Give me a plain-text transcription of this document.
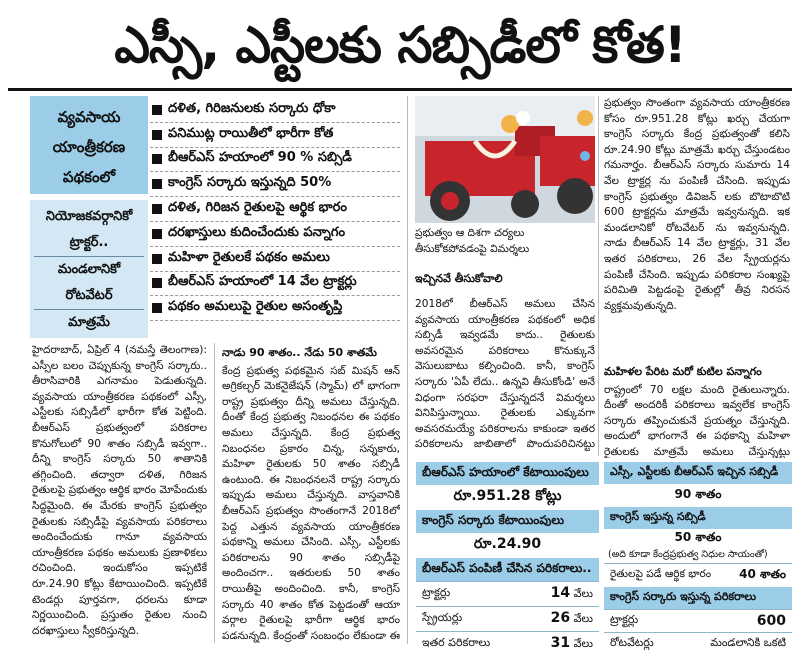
ఎస్సీ, ఎస్టీలకు సబ్సిడీలో కోత!
వ్యవసాయ
యాంత్రీకరణ
పథకంలో
నియోజకవర్గానికో ట్రాక్టర్..
మండలానికో రోటవేటర్
మాత్రమే
దళిత, గిరిజనులకు సర్కారు ధోకా
పనిముట్ల రాయితీలో భారీగా కోత
బీఆర్ఎస్ హయాంలో 90 % సబ్సిడీ
కాంగ్రెస్ సర్కారు ఇస్తున్నది 50%
దళిత, గిరిజన రైతులపై ఆర్థిక భారం
దరఖాస్తులు కుదించేందుకు పన్నాగం
మహిళా రైతులకే పథకం అమలు
బీఆర్ఎస్ హయాంలో 14 వేల ట్రాక్టర్లు
పథకం అమలుపై రైతుల అసంతృప్తి
ప్రభుత్వం ఆ దిశగా చర్యలు తీసుకోకపోవడంపై విమర్శలు
ఇచ్చినవే తీసుకోవాలి

హైదరాబాద్, ఏప్రిల్ 4 (నమస్తే తెలంగాణ): ఎస్సీల బలం చెప్పుకున్న కాంగ్రెస్ సర్కారు.. తీరాసివారికి ఎగనామం పెడుతున్నది. వ్యవసాయ యాంత్రీకరణ పథకంలో ఎస్సీ, ఎస్టీలకు సబ్సిడీలో భారీగా కోత పెట్టింది. బీఆర్ఎస్ ప్రభుత్వంలో పరికరాల కొనుగోలులో 90 శాతం సబ్సిడీ ఇవ్వగా.. దీన్ని కాంగ్రెస్ సర్కారు 50 శాతానికి తగ్గించింది. తద్వారా దళిత, గిరిజన రైతులపై ప్రభుత్వం ఆర్థిక భారం మోపేందుకు సిద్ధమైంది. ఈ మేరకు కాంగ్రెస్ ప్రభుత్వం రైతులకు సబ్సిడీపై వ్యవసాయ పరికరాలు అందించేందుకు గానూ వ్యవసాయ యాంత్రీకరణ పథకం అమలుకు ప్రణాళికలు రచించింది. ఇందుకోసం ఇప్పటికే రూ.24.90 కోట్లు కేటాయించింది. ఇప్పటికే టెండర్లు పూర్తవగా, ధరలను కూడా నిర్ణయించింది. ప్రస్తుతం రైతుల నుంచి దరఖాస్తులు స్వీకరిస్తున్నది.

నాడు 90 శాతం.. నేడు 50 శాతమే

కేంద్ర ప్రభుత్వ పథకమైన సబ్ మిషన్ ఆన్ అగ్రికల్చర్ మెకనైజేషన్ (స్మామ్) లో భాగంగా రాష్ట్ర ప్రభుత్వం దీన్ని అమలు చేస్తున్నది. దీంతో కేంద్ర ప్రభుత్వ నిబంధనల ఈ పథకం అమలు చేస్తున్నది. కేంద్ర ప్రభుత్వ నిబంధనల ప్రకారం చిన్న, సన్నకారు, మహిళా రైతులకు 50 శాతం సబ్సిడీ ఉంటుంది. ఈ నిబంధనలనే రాష్ట్ర సర్కారు ఇప్పుడు అమలు చేస్తున్నది. వాస్తవానికి బీఆర్ఎస్ ప్రభుత్వం సొంతంగానే 2018లో పెద్ద ఎత్తున వ్యవసాయ యాంత్రీకరణ పథకాన్ని అమలు చేసింది. ఎస్సీ, ఎస్టీలకు పరికరాలను 90 శాతం సబ్సిడీపై అందించగా.. ఇతరులకు 50 శాతం రాయితీపై అందించింది. కానీ, కాంగ్రెస్ సర్కారు 40 శాతం కోత పెట్టడంతో ఆయా వర్గాల రైతులపై భారీగా ఆర్థిక భారం పడనున్నది. కేంద్రంతో సంబంధం లేకుండా ఈ

2018లో బీఆర్ఎస్ అమలు చేసిన వ్యవసాయ యాంత్రీకరణ పథకంలో అధిక సబ్సిడీ ఇవ్వడమే కాదు.. రైతులకు అవసరమైన పరికరాలు కొనుక్కునే వెసులుబాటు కల్పించింది. కానీ, కాంగ్రెస్ సర్కారు 'ఏపీ లేదు.. ఉన్నవి తీసుకోండి' అనే విధంగా సరఫరా చేస్తున్నదనే విమర్శలు వినిపిస్తున్నాయి. రైతులకు ఎక్కువగా అవసరమయ్యే పరికరాలను కాకుండా ఇతర పరికరాలను జాబితాలో పొందుపరిచినట్టు

ప్రభుత్వం సొంతంగా వ్యవసాయ యాంత్రీకరణ కోసం రూ.951.28 కోట్లు ఖర్చు చేయగా కాంగ్రెస్ సర్కారు కేంద్ర ప్రభుత్వంతో కలిసి రూ.24.90 కోట్లు మాత్రమే ఖర్చు చేస్తుండటం గమనార్హం. బీఆర్ఎస్ సర్కారు సుమారు 14 వేల ట్రాక్టర్ల ను పంపిణీ చేసింది. ఇప్పుడు కాంగ్రెస్ ప్రభుత్వం డివిజన్ లకు బొటాబొటి 600 ట్రాక్టర్లను మాత్రమే ఇవ్వనున్నది. ఇక మండలానికో రోటవేటర్ ను ఇవ్వనున్నది. నాడు బీఆర్ఎస్ 14 వేల ట్రాక్టర్లు, 31 వేల ఇతర పరికరాలు, 26 వేల స్ప్రేయర్లను పంపిణీ చేసింది. ఇప్పుడు పరికరాల సంఖ్యపై పరిమితి పెట్టడంపై రైతుల్లో తీవ్ర నిరసన వ్యక్తమవుతున్నది.

మహిళల పేరిట మరో కుటిల పన్నాగం

రాష్ట్రంలో 70 లక్షల మంది రైతులున్నారు. దీంతో అందరికీ పరికరాలు ఇవ్వలేక కాంగ్రెస్ సర్కారు తప్పించుకునే ప్రయత్నం చేస్తున్నది. అందులో భాగంగానే ఈ పథకాన్ని మహిళా రైతులకు మాత్రమే అమలు చేస్తున్నట్టు

బీఆర్ఎస్ హయాంలో కేటాయింపులు
రూ.951.28 కోట్లు
కాంగ్రెస్ సర్కారు కేటాయింపులు
రూ.24.90
బీఆర్ఎస్ పంపిణీ చేసిన పరికరాలు..
ట్రాక్టర్లు	14 వేలు
స్ప్రేయర్లు	26 వేలు
ఇతర పరికరాలు	31 వేలు
ఎస్సీ, ఎస్టీలకు బీఆర్ఎస్ ఇచ్చిన సబ్సిడీ
90 శాతం
కాంగ్రెస్ ఇస్తున్న సబ్సిడీ
50 శాతం
(అది కూడా కేంద్రప్రభుత్వ నిధుల సాయంతో)
రైతులపై పడే ఆర్థిక భారం 40 శాతం
కాంగ్రెస్ సర్కారు ఇస్తున్న పరికరాలు
ట్రాక్టర్లు	600
రోటవేటర్లు	మండలానికి ఒకటి
